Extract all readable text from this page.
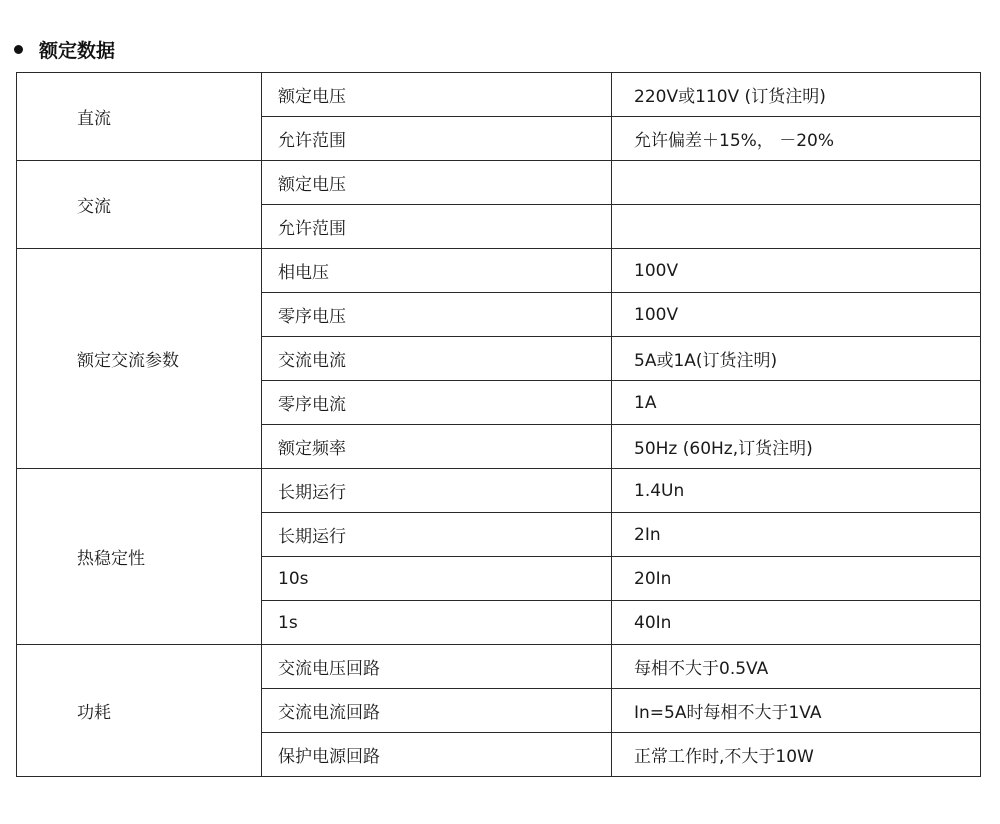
额定数据
直流	额定电压	220V或110V (订货注明)
	允许范围	允许偏差＋15%， －20%
交流	额定电压	
	允许范围	
额定交流参数	相电压	100V
	零序电压	100V
	交流电流	5A或1A(订货注明)
	零序电流	1A
	额定频率	50Hz (60Hz,订货注明)
热稳定性	长期运行	1.4Un
	长期运行	2In
	10s	20In
	1s	40In
功耗	交流电压回路	每相不大于0.5VA
	交流电流回路	In=5A时每相不大于1VA
	保护电源回路	正常工作时,不大于10W
